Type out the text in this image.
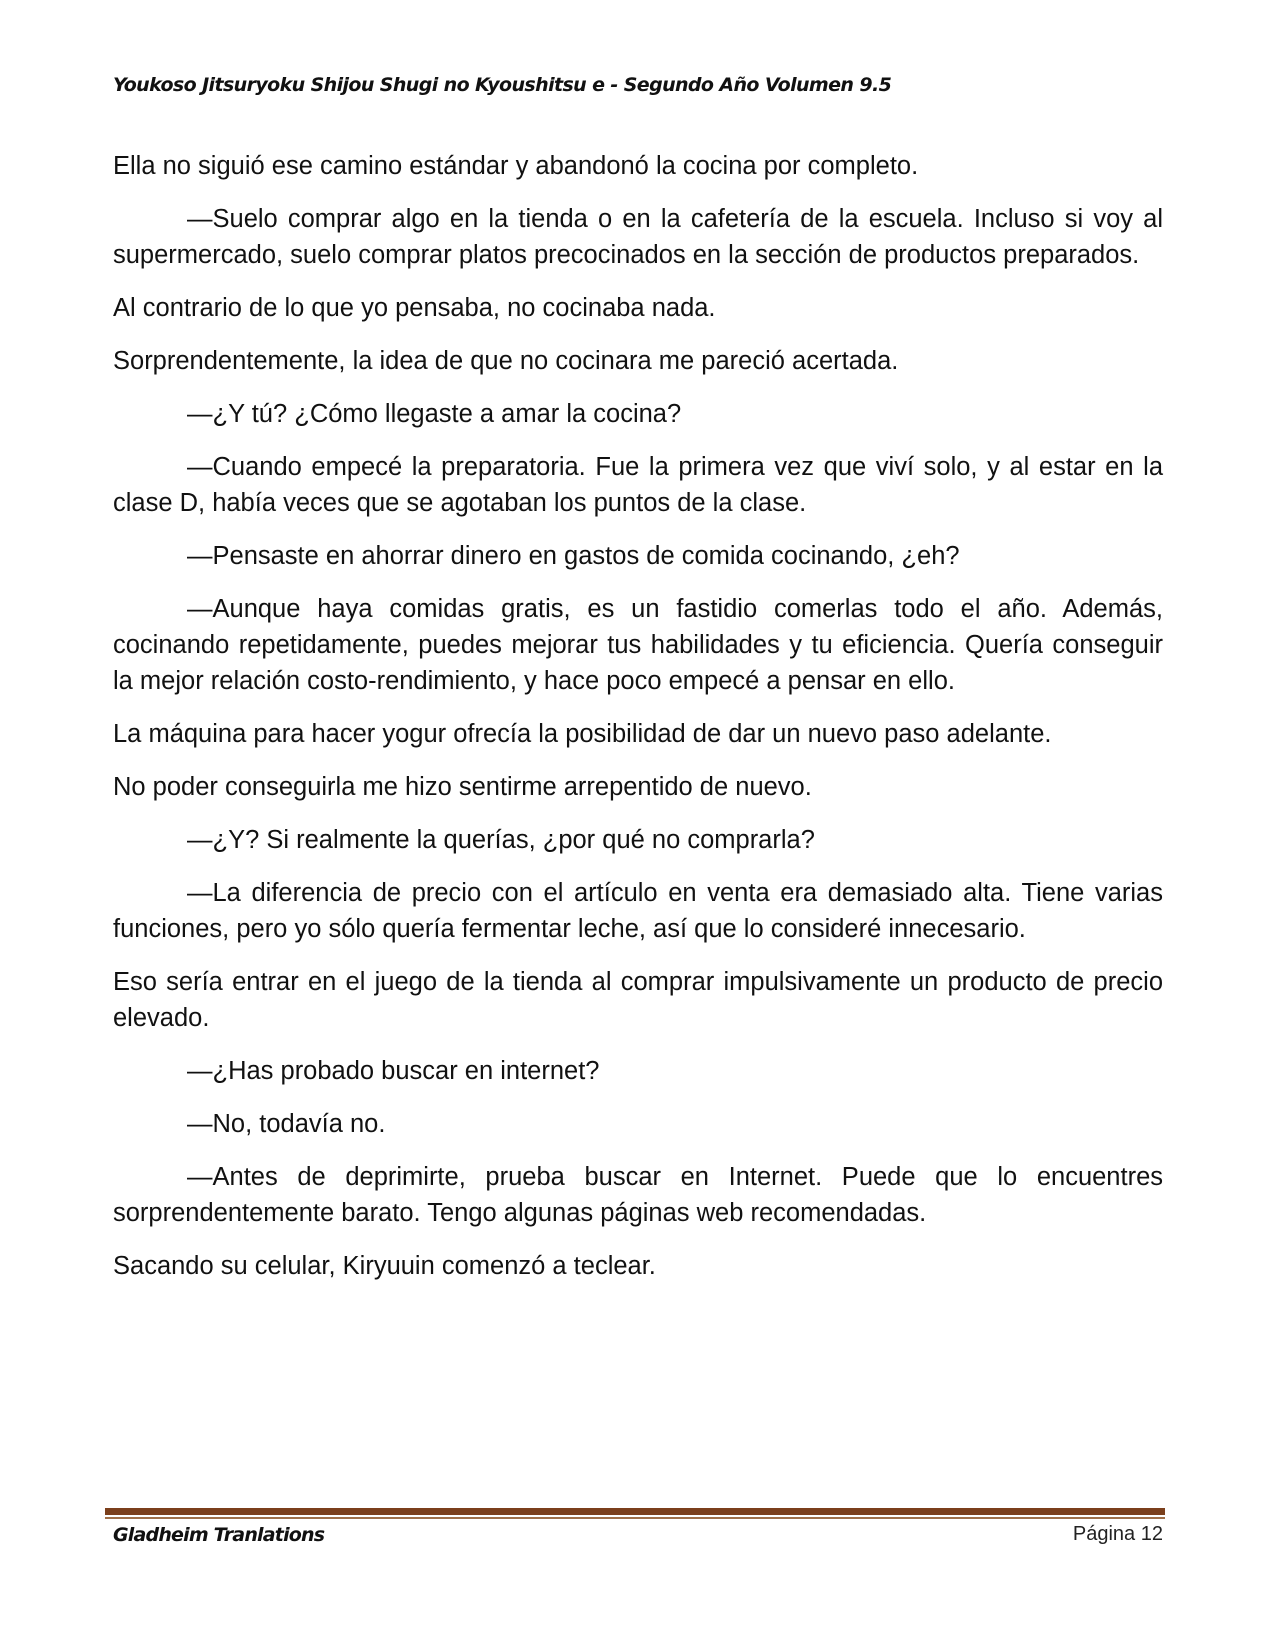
Youkoso Jitsuryoku Shijou Shugi no Kyoushitsu e - Segundo Año Volumen 9.5

Ella no siguió ese camino estándar y abandonó la cocina por completo.

—Suelo comprar algo en la tienda o en la cafetería de la escuela. Incluso si voy al supermercado, suelo comprar platos precocinados en la sección de productos preparados.

Al contrario de lo que yo pensaba, no cocinaba nada.

Sorprendentemente, la idea de que no cocinara me pareció acertada.

—¿Y tú? ¿Cómo llegaste a amar la cocina?

—Cuando empecé la preparatoria. Fue la primera vez que viví solo, y al estar en la clase D, había veces que se agotaban los puntos de la clase.

—Pensaste en ahorrar dinero en gastos de comida cocinando, ¿eh?

—Aunque haya comidas gratis, es un fastidio comerlas todo el año. Además, cocinando repetidamente, puedes mejorar tus habilidades y tu eficiencia. Quería conseguir la mejor relación costo-rendimiento, y hace poco empecé a pensar en ello.

La máquina para hacer yogur ofrecía la posibilidad de dar un nuevo paso adelante.

No poder conseguirla me hizo sentirme arrepentido de nuevo.

—¿Y? Si realmente la querías, ¿por qué no comprarla?

—La diferencia de precio con el artículo en venta era demasiado alta. Tiene varias funciones, pero yo sólo quería fermentar leche, así que lo consideré innecesario.

Eso sería entrar en el juego de la tienda al comprar impulsivamente un producto de precio elevado.

—¿Has probado buscar en internet?

—No, todavía no.

—Antes de deprimirte, prueba buscar en Internet. Puede que lo encuentres sorprendentemente barato. Tengo algunas páginas web recomendadas.

Sacando su celular, Kiryuuin comenzó a teclear.

Gladheim Tranlations	Página 12
